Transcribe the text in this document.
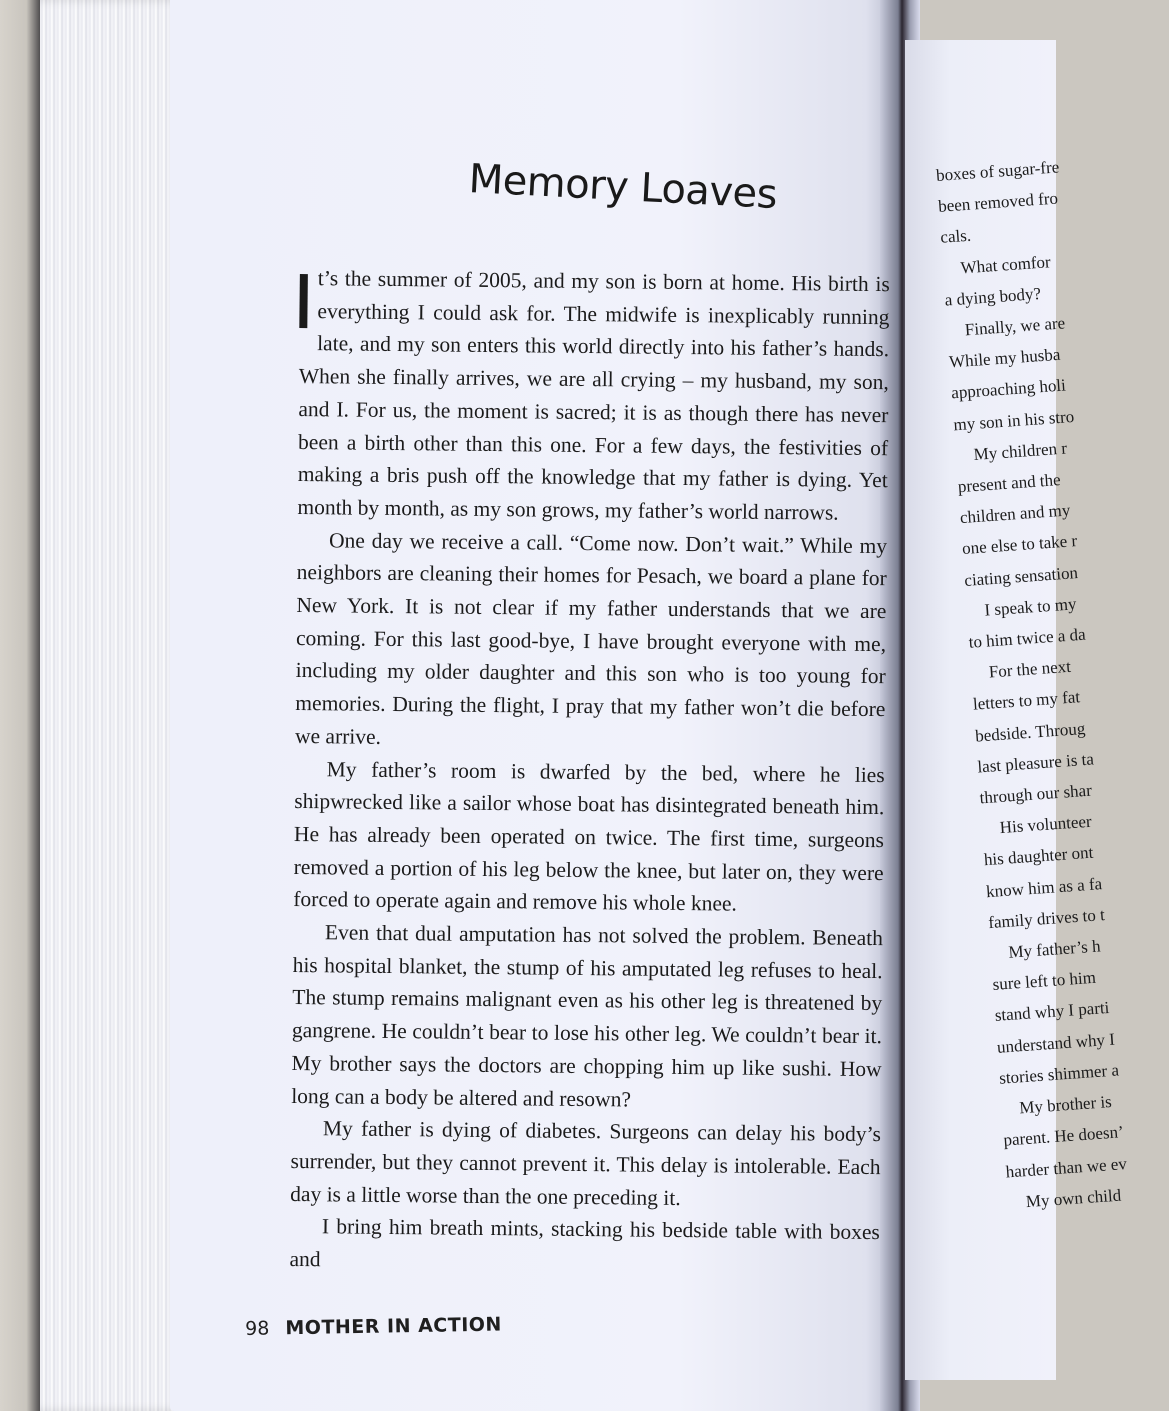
Memory Loaves

t’s the summer of 2005, and my son is born at home. His birth is everything I could ask for. The midwife is inexplicably running late, and my son enters this world directly into his father’s hands. When she finally arrives, we are all crying – my husband, my son, and I. For us, the moment is sacred; it is as though there has never been a birth other than this one. For a few days, the festivities of making a bris push off the knowledge that my father is dying. Yet month by month, as my son grows, my father’s world narrows.

One day we receive a call. “Come now. Don’t wait.” While my neighbors are cleaning their homes for Pesach, we board a plane for New York. It is not clear if my father understands that we are coming. For this last good-bye, I have brought everyone with me, including my older daughter and this son who is too young for memories. During the flight, I pray that my father won’t die before we arrive.

My father’s room is dwarfed by the bed, where he lies shipwrecked like a sailor whose boat has disintegrated beneath him. He has already been operated on twice. The first time, surgeons removed a portion of his leg below the knee, but later on, they were forced to operate again and remove his whole knee.

Even that dual amputation has not solved the problem. Beneath his hospital blanket, the stump of his amputated leg refuses to heal. The stump remains malignant even as his other leg is threatened by gangrene. He couldn’t bear to lose his other leg. We couldn’t bear it. My brother says the doctors are chopping him up like sushi. How long can a body be altered and resown?

My father is dying of diabetes. Surgeons can delay his body’s surrender, but they cannot prevent it. This delay is intolerable. Each day is a little worse than the one preceding it.

I bring him breath mints, stacking his bedside table with boxes and

98 MOTHER IN ACTION
boxes of sugar-fre
been removed fro
cals.
What comfor
a dying body?
Finally, we are
While my husba
approaching holi
my son in his stro
My children r
present and the
children and my
one else to take r
ciating sensation
I speak to my
to him twice a da
For the next
letters to my fat
bedside. Throug
last pleasure is ta
through our shar
His volunteer
his daughter ont
know him as a fa
family drives to t
My father’s h
sure left to him
stand why I parti
understand why I
stories shimmer a
My brother is
parent. He doesn’
harder than we ev
My own child
